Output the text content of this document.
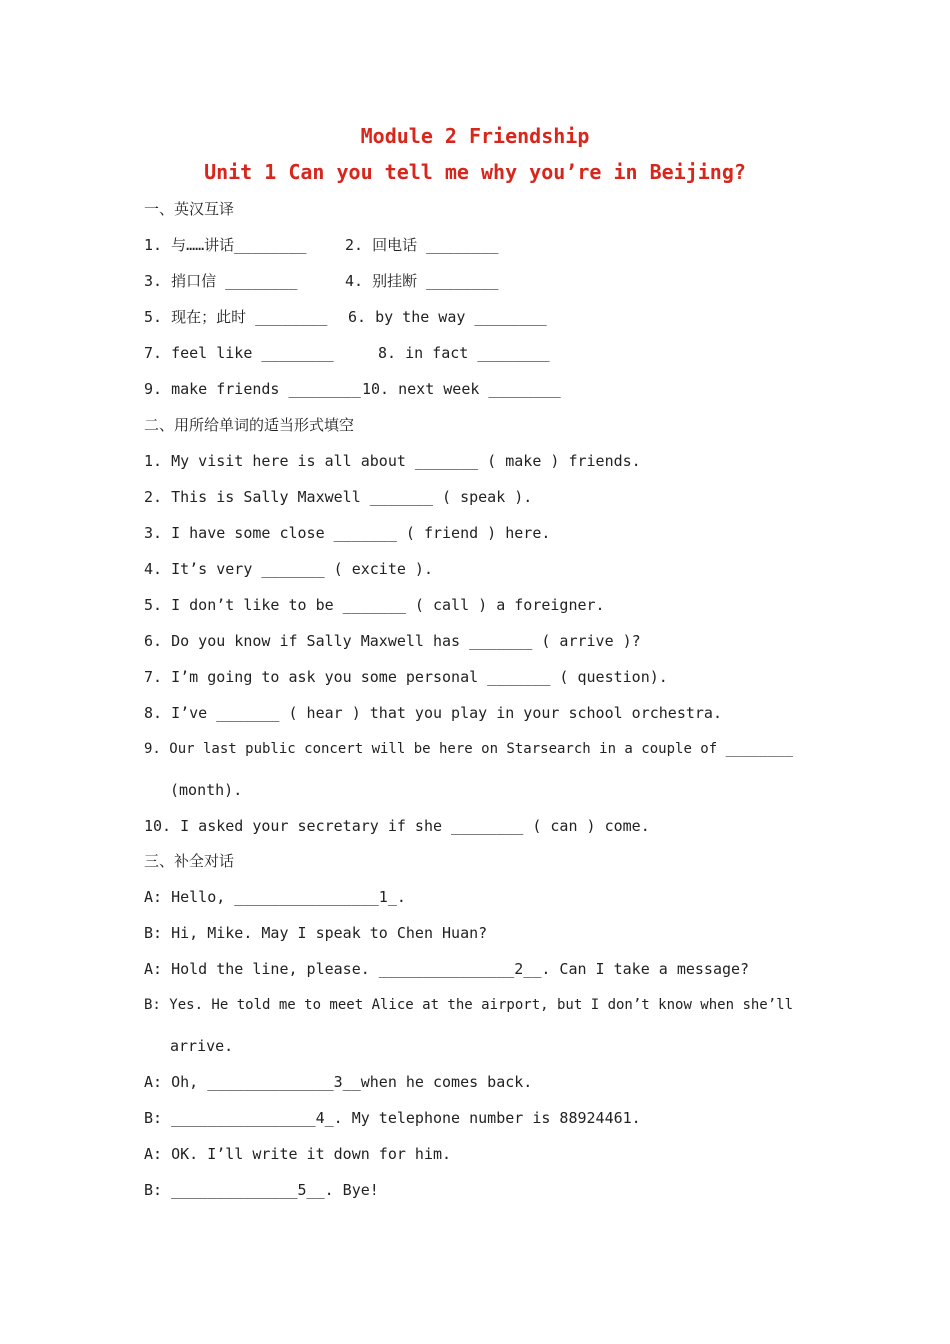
Module 2 Friendship
Unit 1 Can you tell me why you’re in Beijing?
一、英汉互译
1. 与……讲话________	2. 回电话 ________
3. 捎口信 ________	4. 别挂断 ________
5. 现在；此时 ________ 6. by the way ________
7. feel like ________	8. in fact ________
9. make friends ________ 10. next week ________
二、用所给单词的适当形式填空
1. My visit here is all about _______ ( make ) friends.
2. This is Sally Maxwell _______ ( speak ).
3. I have some close _______ ( friend ) here.
4. It’s very _______ ( excite ).
5. I don’t like to be _______ ( call ) a foreigner.
6. Do you know if Sally Maxwell has _______ ( arrive )?
7. I’m going to ask you some personal _______ ( question).
8. I’ve _______ ( hear ) that you play in your school orchestra.
9. Our last public concert will be here on Starsearch in a couple of ________
(month).
10. I asked your secretary if she ________ ( can ) come.
三、补全对话
A: Hello, ________________1_.
B: Hi, Mike. May I speak to Chen Huan?
A: Hold the line, please. _______________2__. Can I take a message?
B: Yes. He told me to meet Alice at the airport, but I don’t know when she’ll
arrive.
A: Oh, ______________3__when he comes back.
B: ________________4_. My telephone number is 88924461.
A: OK. I’ll write it down for him.
B: ______________5__. Bye!
